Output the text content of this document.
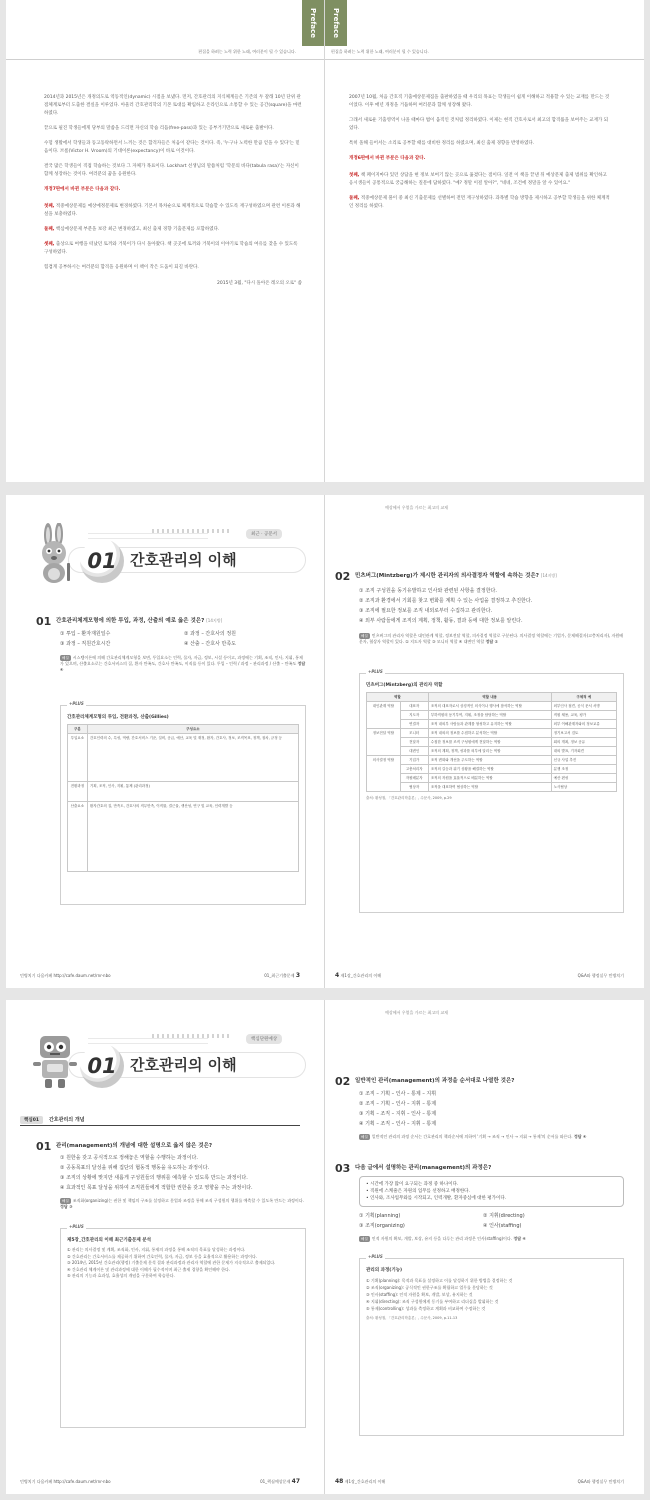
Preface
편집을 하려는 노력 위한 노래, 여러분이 될 수 있습니다.

2014년과 2015년은 개정의도로 역동적인(dynamic) 시점을 보냈다. 먼저, 간호관리의 지식체계들은 기존의 두 갈래 10년 단위 관점체계로부터 도출한 결실을 이루었다. 아울러 간호관리학의 기본 토대를 확립하고 온라인으로 소통할 수 있는 공간(square)을 마련하였다.

끝으로 필진 학생들에게 당부의 말씀을 드리면 자신의 학습 리듬(free-pass)과 있는 공부거기만으로 새로운 출발이다.

수험 생활에서 학생들과 동고동락하면서 느끼는 것은 합격자들은 처음이 같다는 것이다. 즉, '누구나 노력한 만큼 얻을 수 있다'는 믿음이다. 브룸(Victor H. Vroom)의 기대이론(expectancy)이 바로 이것이다.

결국 많은 학생들이 직접 학습하는 것보다 그 자체가 목표이다. Lockhart 선생님의 말씀처럼 '학문의 바다(tabula rasa)'는 자신이 함께 성장하는 것이다. 여러분의 꿈을 응원한다.

개정7판에서 바뀐 부분은 다음과 같다.

첫째, 적중예상문제를 예상예정문제로 변경하였다. 기본서 목차순으로 체계적으로 학습할 수 있도록 재구성하였으며 관련 이론과 해설을 보충하였다.

둘째, 핵심예상문제 부분을 보강 최근 변경하였고, 최신 출제 경향 기출문제를 포함하였다.

셋째, 출상으로 여행을 떠났던 토끼와 거북이가 다시 돌아왔다. 책 곳곳에 토끼와 거북이의 이야기로 학습의 여유를 찾을 수 있도록 구성하였다.

힘겹게 공부하시는 여러분의 합격을 응원하며 이 책이 작은 도움이 되길 바란다.

2015년 3월, "다시 돌아온 레오의 오로" 씀
Preface
편집을 하려는 노력 위한 노래, 여러분이 될 수 있습니다.

2007년 10월, 처음 간호직 기출예상문제집을 출판하였을 때 우리의 목표는 학생들이 쉽게 이해하고 적용할 수 있는 교재를 만드는 것이었다. 이후 매년 개정을 거듭하며 여러분과 함께 성장해 왔다.

그래서 새로운 기출영역이 나올 때마다 법이 움직인 것처럼 정리하였다. 이제는 현직 간호사로서 최고의 합격률을 보여주는 교재가 되었다.

특히 올해 들어서는 소리로 공부할 때를 대비한 정리를 하였으며, 최신 출제 경향을 반영하였다.

개정6판에서 바뀐 부분은 다음과 같다.

첫째, 책 페이지마다 있던 상담을 현 정보 보여기 않는 곳으로 옮겼다는 점이다. 일전 이 책을 끝낸 뒤 예상문제 출제 범위를 확인하고 응시생들이 공통적으로 궁금해하는 질문에 답하였다. "예? 정말 이걸 알아?", "네네, 조건에 정말을 알 수 있어요."

둘째, 적중예상문제 풀이 중 최신 기출문제를 선별하여 전면 재구성하였다. 과목별 학습 방향을 제시하고 공부할 학생들을 위한 체계적인 정리를 하였다.

최근 · 공문서
01 간호관리의 이해
01 간호관리체계모형에 의한 투입, 과정, 산출의 예로 옳은 것은? [14지방]
① 투입 – 환자재원일수	② 과정 – 간호사의 정원
③ 과정 – 직원간호시간	④ 산출 – 간호사 만족도
해설 시스템이론에 의해 간호관리체계모형을 보면, 투입요소는 인력, 물자, 자금, 정보, 시설 등이고, 과정에는 기획, 조직, 인사, 지휘, 통제가 있으며, 산출요소로는 간호서비스의 질, 환자 만족도, 간호사 만족도, 이직률 등이 있다. 투입 – 인력 / 과정 – 관리과정 / 산출 – 만족도 정답 ④
+PLUS
간호관리체계모형의 투입, 전환과정, 산출(Gillies)
구분	구성요소
투입요소	간호인력의 수, 특성, 역량, 간호서비스 기준, 설비, 공급, 예산, 교육 및 재정, 환자, 간호사, 정보, 조직목표, 정책, 절차, 규정 등
전환과정	기획, 조직, 인사, 지휘, 통제 (관리과정)
산출요소	환자간호의 질, 만족도, 간호사의 직무만족, 이직률, 결근율, 생산성, 연구 및 교육, 인력개발 등
민병치기 다음카페 http://cafe.daum.net/rnr-nbo	01_최근기출문제 3
예상에서 우열을 가르는 최고의 교재
02 민츠버그(Mintzberg)가 제시한 관리자의 의사결정자 역할에 속하는 것은? [14지방]
① 조직 구성원을 동기유발하고 인사와 관련된 사항을 결정한다.
② 조직과 환경에서 기회를 찾고 변화를 계획 수 있는 사업을 결정하고 추진한다.
③ 조직에 필요한 정보를 조직 내외로부터 수집하고 관리한다.
④ 외부 사람들에게 조직의 계획, 정책, 활동, 결과 등에 대한 정보를 알린다.
해설 민츠버그의 관리자 역할은 대인관계 역할, 정보전달 역할, 의사결정 역할로 구분된다. 의사결정 역할에는 기업가, 문제해결자(고충처리자), 자원배분자, 협상자 역할이 있다. ① 지도자 역할 ③ 모니터 역할 ④ 대변인 역할 정답 ②
+PLUS
민츠버그(Mintzberg)의 관리자 역할
역할		역할 내용	구체적 예
대인관계 역할	대표자	조직의 대표자로서 상징적인 의식이나 행사에 참석하는 역할	외부인사 접견, 공식 문서 서명
	지도자	부하직원의 동기부여, 지휘, 조정을 담당하는 역할	직원 채용, 교육, 평가
	연결자	조직 내외부 사람들과 관계를 형성하고 유지하는 역할	외부 이해관계자와의 정보교류
정보전달 역할	모니터	조직 내외의 정보를 수집하고 분석하는 역할	정기보고서 검토
	전달자	수집한 정보를 조직 구성원에게 전달하는 역할	회의 개최, 정보 공유
	대변인	조직의 계획, 정책, 성과를 외부에 알리는 역할	대외 발표, 기자회견
의사결정 역할	기업가	조직 변화와 개선을 주도하는 역할	신규 사업 추진
	고충처리자	조직의 갈등과 위기 상황을 해결하는 역할	분쟁 조정
	자원배분자	조직의 자원을 효율적으로 배분하는 역할	예산 편성
	협상자	조직을 대표하여 협상하는 역할	노사협상
출처: 황성철, 「간호관리학총론」, 수문사, 2009, p.29
4 제1장_간호관리의 이해	Q&A와 행정실무 민병치기
핵심단원예상
01 간호관리의 이해
핵심01	간호관리의 개념
01 관리(management)의 개념에 대한 설명으로 옳지 않은 것은?
① 원한을 갖고 공식적으로 정해놓은 역할을 수행하는 과정이다.
② 공동목표의 달성을 위해 집단의 협동적 행동을 유도하는 과정이다.
③ 조직의 상황에 맞지만 새롭게 구성원들의 행위를 예측할 수 있도록 만드는 과정이다.
④ 효과적인 목표 달성을 위하여 조직원들에게 적합한 권한을 갖고 영향을 주는 과정이다.
해설 조직화(organizing)는 권한 및 책임의 구조를 설정하고 분업과 조정을 통해 조직 구성원의 행위를 예측할 수 있도록 만드는 과정이다. 정답 ③
+PLUS
제5장_간호관리의 이해 최근기출문제 분석
① 관리는 의사결정 및 계획, 조직화, 인사, 지휘, 통제의 과정을 통해 조직의 목표를 달성하는 과정이다.
② 간호관리는 간호서비스를 제공하기 위하여 간호인력, 물자, 자금, 정보 등을 효율적으로 활용하는 과정이다.
③ 2014년, 2015년 간호관리(행정) 기출문제 분석 결과 관리과정과 관리자 역할에 관한 문제가 지속적으로 출제되었다.
④ 간호관리 체계이론 및 관리과정에 대한 이해가 필수적이며 최근 출제 경향을 확인해야 한다.
⑤ 관리의 기능과 효과성, 효율성의 개념을 구분하여 학습한다.
민병치기 다음카페 http://cafe.daum.net/rnr-nbo	01_핵심예상문제 47
예상에서 우열을 가르는 최고의 교재
02 일반적인 관리(management)의 과정을 순서대로 나열한 것은?
① 조직 – 기획 – 인사 – 통제 – 지휘
② 조직 – 기획 – 인사 – 지휘 – 통제
③ 기획 – 조직 – 지휘 – 인사 – 통제
④ 기획 – 조직 – 인사 – 지휘 – 통제
해설 일반적인 관리의 과정 순서는 간호관리의 책과순서에 의하여 '기획 → 조직 → 인사 → 지휘 → 통제'의 순서를 따른다. 정답 ④
03 다음 글에서 설명하는 관리(management)의 과정은?
• 시간에 가장 많이 요구되는 과정 중 하나이다.
• 직원에 스케줄은 자원의 업무를 선정하고 배정한다.
• 인사와, 조사업무와를 시작되고, 인력개발, 환자중심에 대한 평가이다.
① 기획(planning)	② 지휘(directing)
③ 조직(organizing)	④ 인사(staffing)
해설 인적 자원의 확보, 개발, 보상, 유지 등을 다루는 관리 과정은 인사(staffing)이다. 정답 ④
+PLUS
관리의 과정(기능)
① 기획(planning): 목적과 목표를 설정하고 이를 달성하기 위한 방법을 결정하는 것
② 조직(organizing): 공식적인 권한구조를 확립하고 업무를 분담하는 것
③ 인사(staffing): 인적 자원을 확보, 개발, 보상, 유지하는 것
④ 지휘(directing): 조직 구성원에게 동기를 부여하고 리더십을 발휘하는 것
⑤ 통제(controlling): 성과를 측정하고 계획과 비교하여 수정하는 것
출처: 황성철, 「간호관리학총론」, 수문사, 2009, p.11-13
48 제1장_간호관리의 이해	Q&A와 행정실무 민병치기
